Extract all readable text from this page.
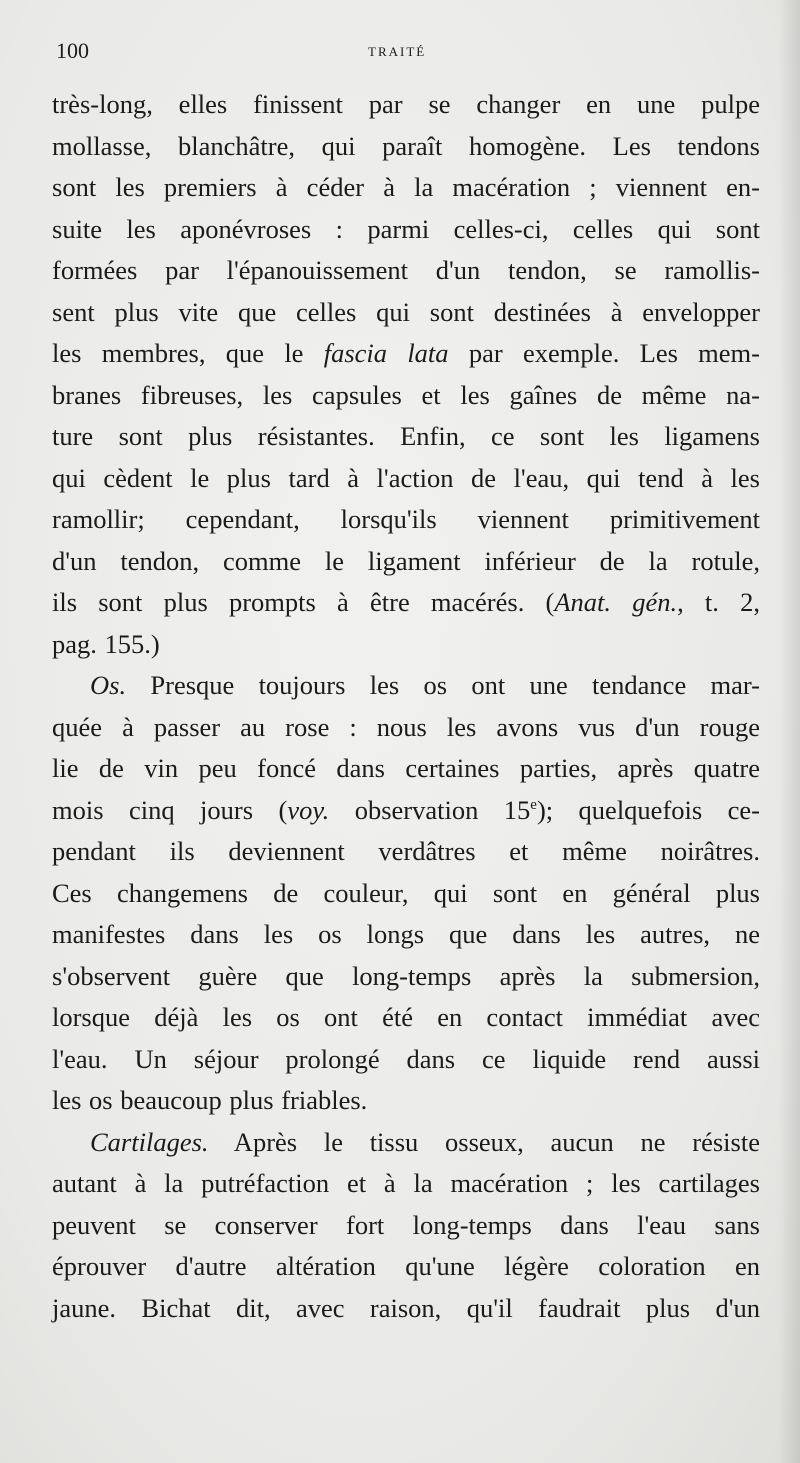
100	TRAITÉ
très-long, elles finissent par se changer en une pulpe
mollasse, blanchâtre, qui paraît homogène. Les tendons
sont les premiers à céder à la macération ; viennent en-
suite les aponévroses : parmi celles-ci, celles qui sont
formées par l'épanouissement d'un tendon, se ramollis-
sent plus vite que celles qui sont destinées à envelopper
les membres, que le fascia lata par exemple. Les mem-
branes fibreuses, les capsules et les gaînes de même na-
ture sont plus résistantes. Enfin, ce sont les ligamens
qui cèdent le plus tard à l'action de l'eau, qui tend à les
ramollir; cependant, lorsqu'ils viennent primitivement
d'un tendon, comme le ligament inférieur de la rotule,
ils sont plus prompts à être macérés. (Anat. gén., t. 2,
pag. 155.)
Os. Presque toujours les os ont une tendance mar-
quée à passer au rose : nous les avons vus d'un rouge
lie de vin peu foncé dans certaines parties, après quatre
mois cinq jours (voy. observation 15e); quelquefois ce-
pendant ils deviennent verdâtres et même noirâtres.
Ces changemens de couleur, qui sont en général plus
manifestes dans les os longs que dans les autres, ne
s'observent guère que long-temps après la submersion,
lorsque déjà les os ont été en contact immédiat avec
l'eau. Un séjour prolongé dans ce liquide rend aussi
les os beaucoup plus friables.
Cartilages. Après le tissu osseux, aucun ne résiste
autant à la putréfaction et à la macération ; les cartilages
peuvent se conserver fort long-temps dans l'eau sans
éprouver d'autre altération qu'une légère coloration en
jaune. Bichat dit, avec raison, qu'il faudrait plus d'un
